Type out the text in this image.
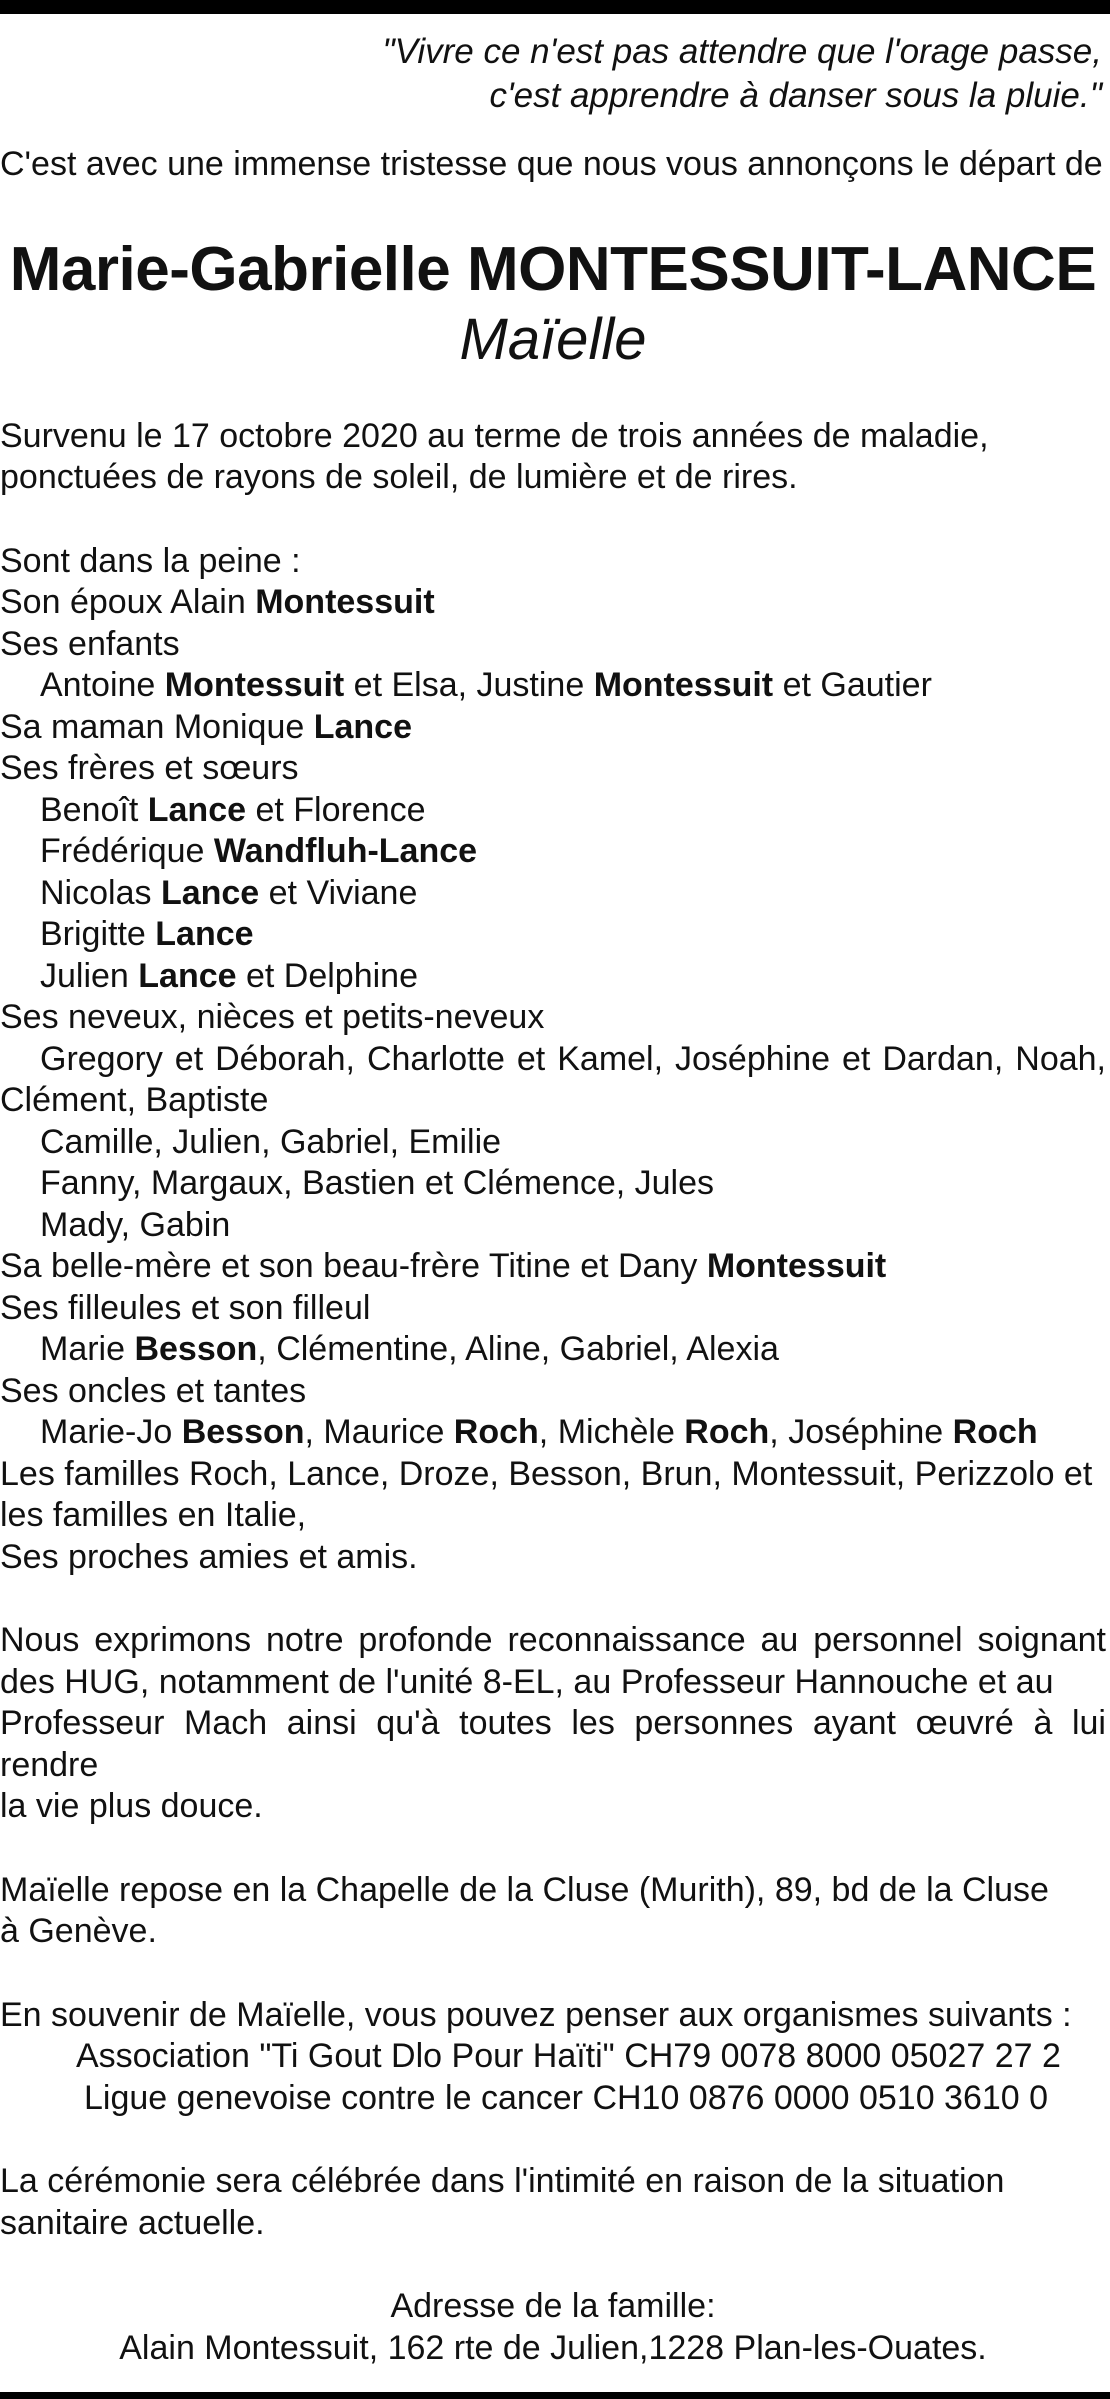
"Vivre ce n'est pas attendre que l'orage passe,
c'est apprendre à danser sous la pluie."
C'est avec une immense tristesse que nous vous annonçons le départ de
Marie-Gabrielle MONTESSUIT-LANCE
Maïelle
Survenu le 17 octobre 2020 au terme de trois années de maladie,
ponctuées de rayons de soleil, de lumière et de rires.
Sont dans la peine :
Son époux Alain Montessuit
Ses enfants
Antoine Montessuit et Elsa, Justine Montessuit et Gautier
Sa maman Monique Lance
Ses frères et sœurs
Benoît Lance et Florence
Frédérique Wandfluh-Lance
Nicolas Lance et Viviane
Brigitte Lance
Julien Lance et Delphine
Ses neveux, nièces et petits-neveux
Gregory et Déborah, Charlotte et Kamel, Joséphine et Dardan, Noah,
Clément, Baptiste
Camille, Julien, Gabriel, Emilie
Fanny, Margaux, Bastien et Clémence, Jules
Mady, Gabin
Sa belle-mère et son beau-frère Titine et Dany Montessuit
Ses filleules et son filleul
Marie Besson, Clémentine, Aline, Gabriel, Alexia
Ses oncles et tantes
Marie-Jo Besson, Maurice Roch, Michèle Roch, Joséphine Roch
Les familles Roch, Lance, Droze, Besson, Brun, Montessuit, Perizzolo et
les familles en Italie,
Ses proches amies et amis.
Nous exprimons notre profonde reconnaissance au personnel soignant
des HUG, notamment de l'unité 8-EL, au Professeur Hannouche et au
Professeur Mach ainsi qu'à toutes les personnes ayant œuvré à lui rendre
la vie plus douce.
Maïelle repose en la Chapelle de la Cluse (Murith), 89, bd de la Cluse
à Genève.
En souvenir de Maïelle, vous pouvez penser aux organismes suivants :
Association "Ti Gout Dlo Pour Haïti" CH79 0078 8000 05027 27 2
Ligue genevoise contre le cancer CH10 0876 0000 0510 3610 0
La cérémonie sera célébrée dans l'intimité en raison de la situation
sanitaire actuelle.
Adresse de la famille:
Alain Montessuit, 162 rte de Julien,1228 Plan-les-Ouates.
